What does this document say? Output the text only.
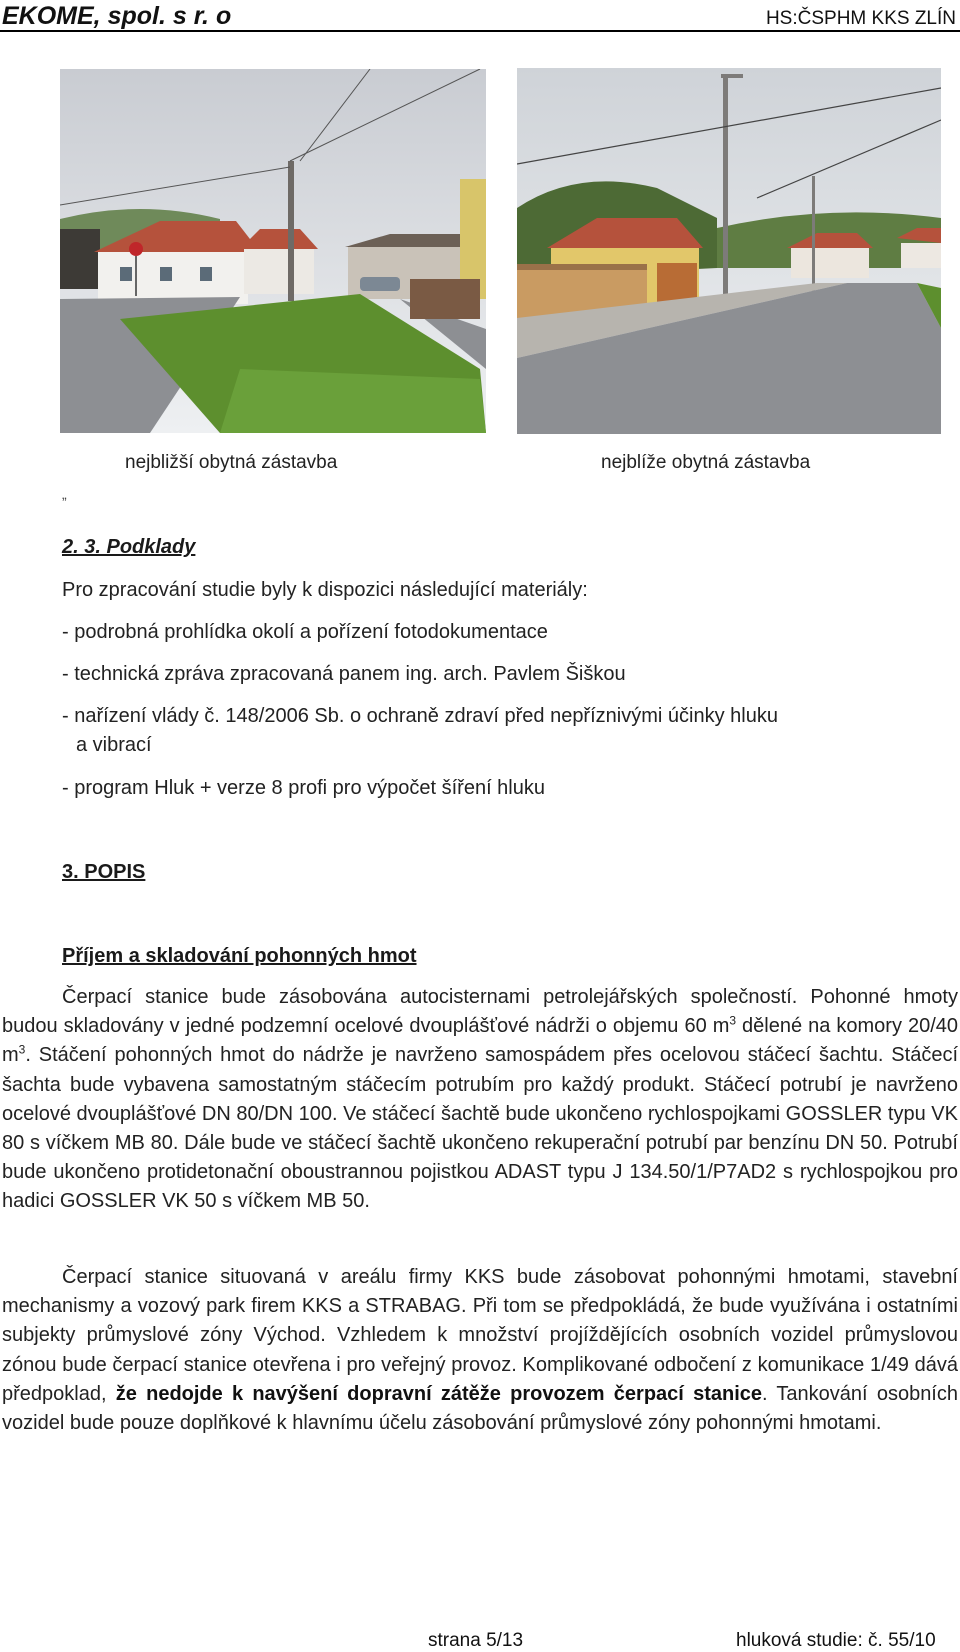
EKOME, spol. s r. o	HS:ČSPHM KKS ZLÍN
nejbližší obytná zástavba	nejblíže obytná zástavba
„
2. 3. Podklady
Pro zpracování studie byly k dispozici následující materiály:
- podrobná prohlídka okolí a pořízení fotodokumentace
- technická zpráva zpracovaná panem ing. arch. Pavlem Šiškou
- nařízení vlády č. 148/2006 Sb. o ochraně zdraví před nepříznivými účinky hluku
a vibrací
- program Hluk + verze 8 profi pro výpočet šíření hluku
3. POPIS
Příjem a skladování pohonných hmot

Čerpací stanice bude zásobována autocisternami petrolejářských společností. Pohonné hmoty budou skladovány v jedné podzemní ocelové dvouplášťové nádrži o objemu 60 $m^3$ dělené na komory 20/40 $m^3$. Stáčení pohonných hmot do nádrže je navrženo samospádem přes ocelovou stáčecí šachtu. Stáčecí šachta bude vybavena samostatným stáčecím potrubím pro každý produkt. Stáčecí potrubí je navrženo ocelové dvouplášťové DN 80/DN 100. Ve stáčecí šachtě bude ukončeno rychlospojkami GOSSLER typu VK 80 s víčkem MB 80. Dále bude ve stáčecí šachtě ukončeno rekuperační potrubí par benzínu DN 50. Potrubí bude ukončeno protidetonační oboustrannou pojistkou ADAST typu J 134.50/1/P7AD2 s rychlospojkou pro hadici GOSSLER VK 50 s víčkem MB 50.

Čerpací stanice situovaná v areálu firmy KKS bude zásobovat pohonnými hmotami, stavební mechanismy a vozový park firem KKS a STRABAG. Při tom se předpokládá, že bude využívána i ostatními subjekty průmyslové zóny Východ. Vzhledem k množství projíždějících osobních vozidel průmyslovou zónou bude čerpací stanice otevřena i pro veřejný provoz. Komplikované odbočení z komunikace 1/49 dává předpoklad, že nedojde k navýšení dopravní zátěže provozem čerpací stanice. Tankování osobních vozidel bude pouze doplňkové k hlavnímu účelu zásobování průmyslové zóny pohonnými hmotami.

strana 5/13	hluková studie: č. 55/10
